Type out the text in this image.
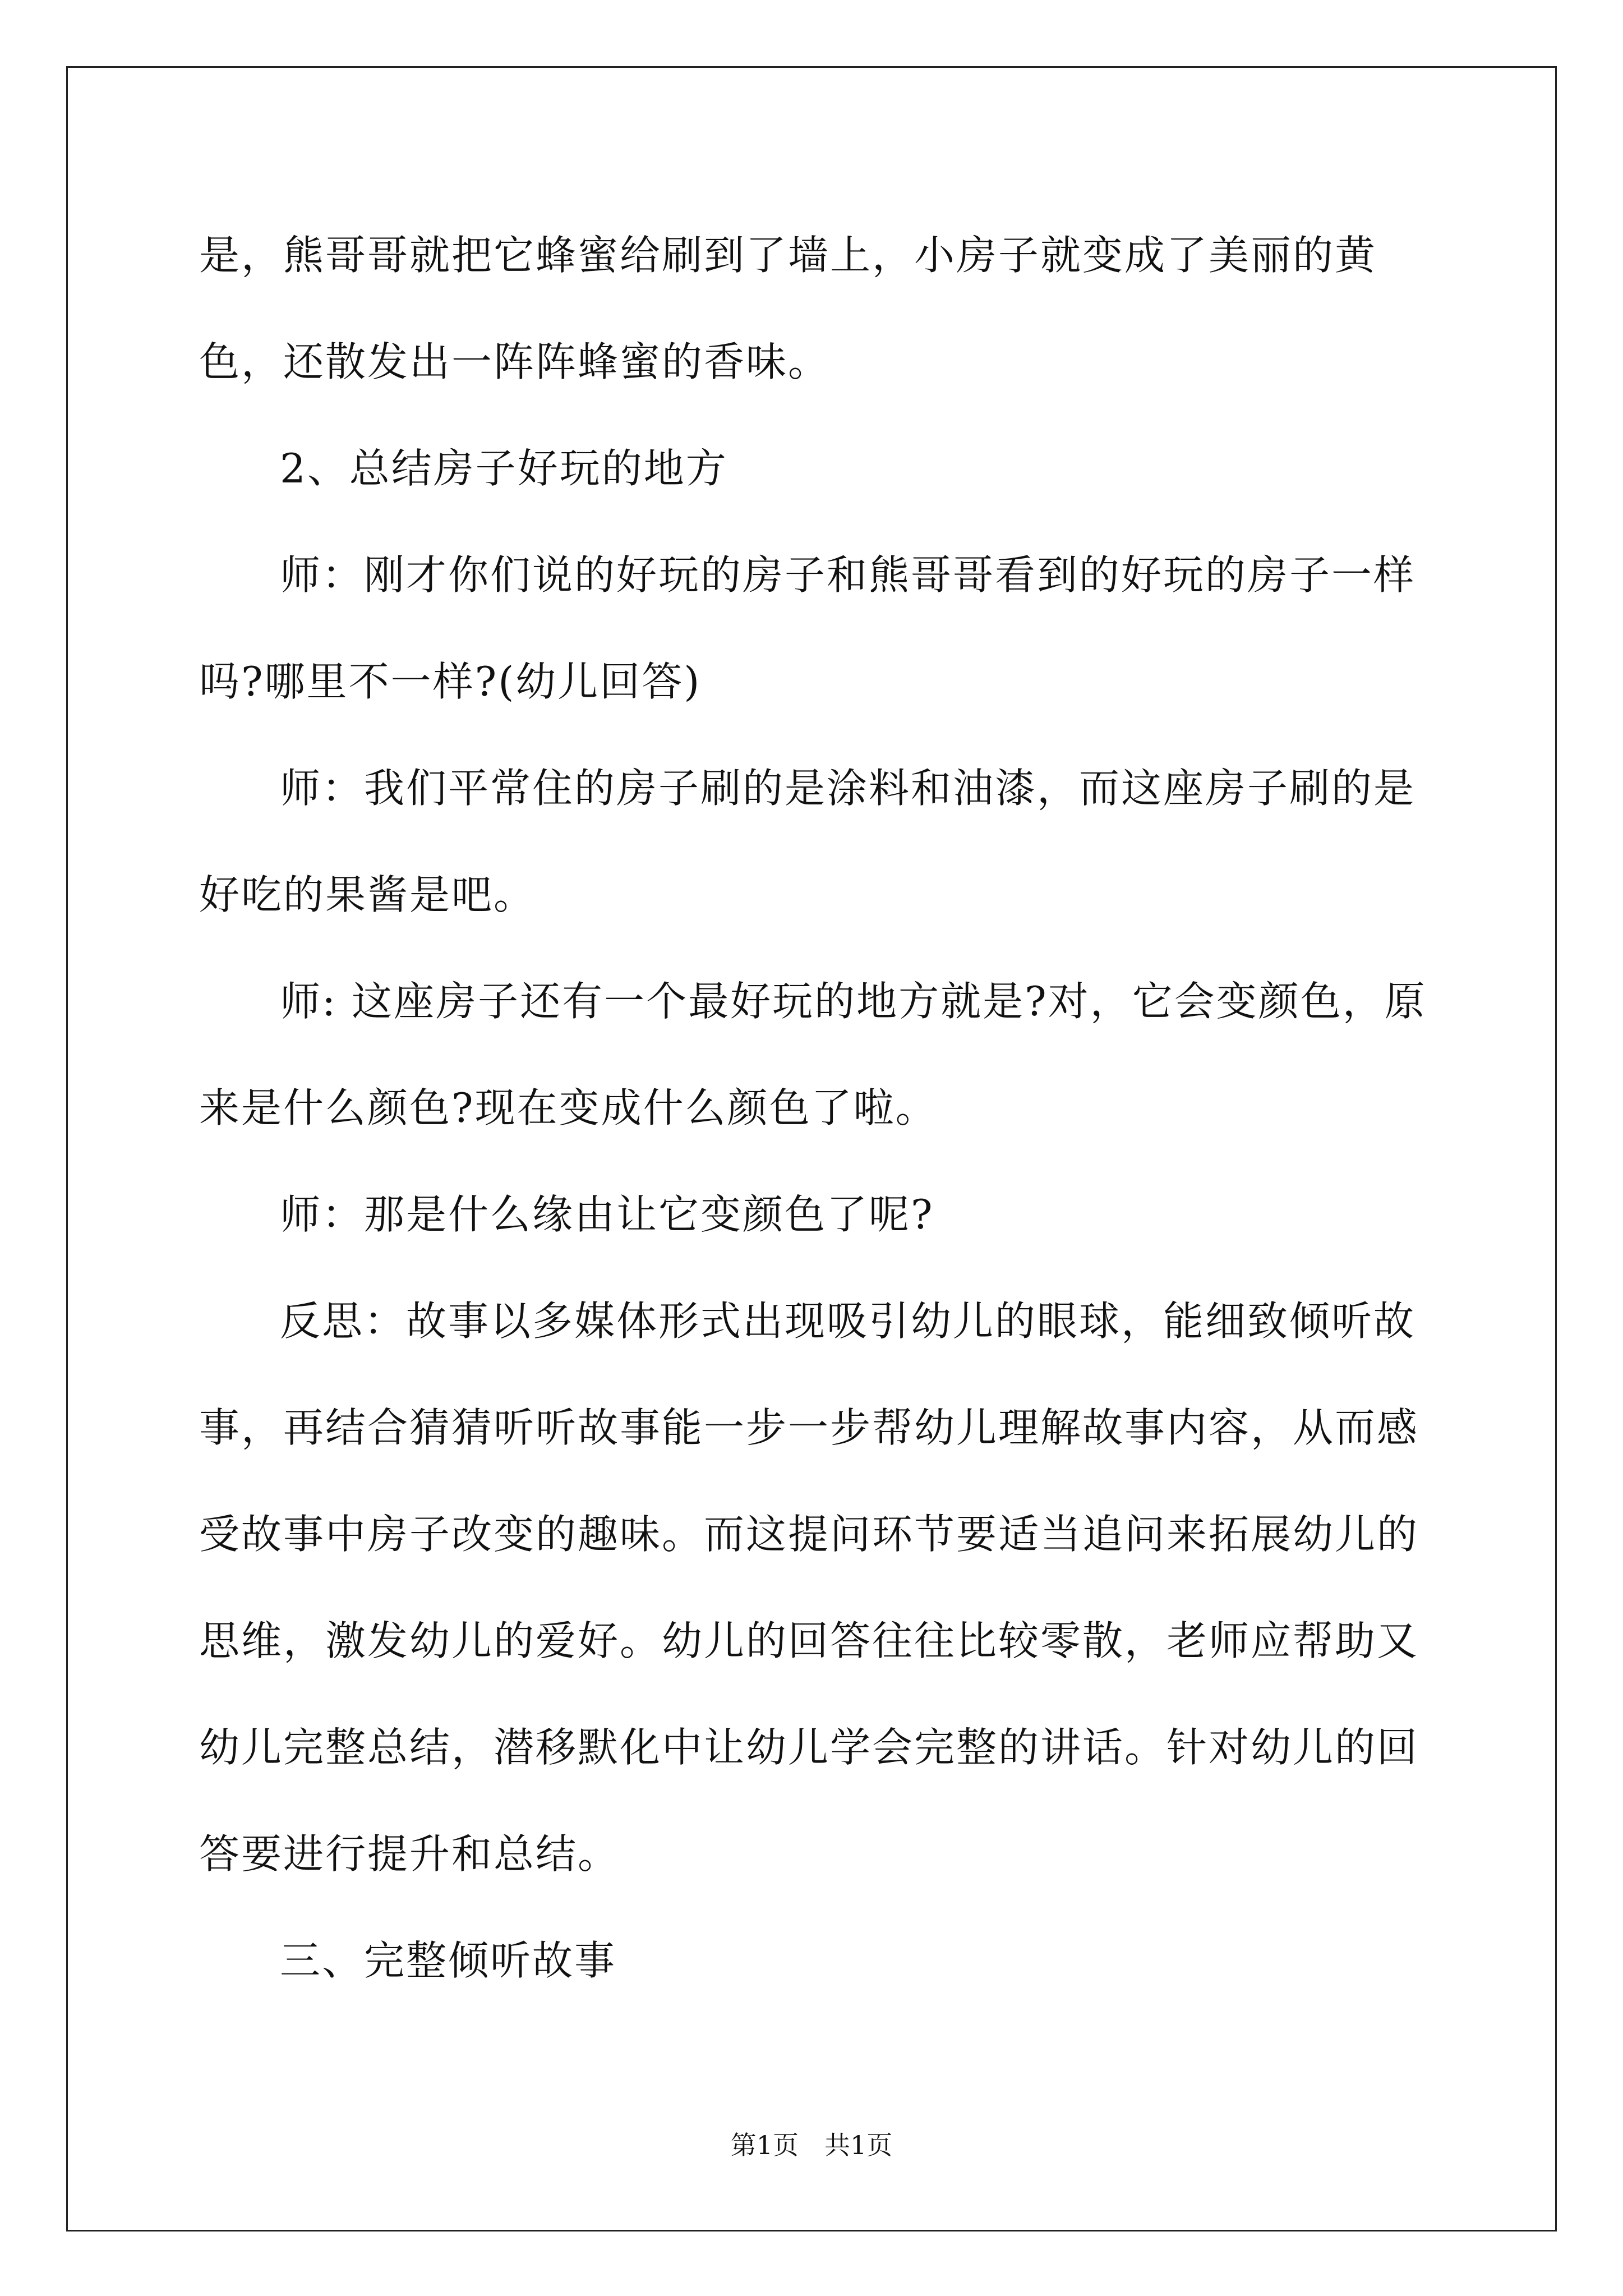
是，熊哥哥就把它蜂蜜给刷到了墙上，小房子就变成了美丽的黄色，还散发出一阵阵蜂蜜的香味。

2、总结房子好玩的地方

师：刚才你们说的好玩的房子和熊哥哥看到的好玩的房子一样吗?哪里不一样?(幼儿回答)

师：我们平常住的房子刷的是涂料和油漆，而这座房子刷的是好吃的果酱是吧。

师: 这座房子还有一个最好玩的地方就是?对，它会变颜色，原来是什么颜色?现在变成什么颜色了啦。

师：那是什么缘由让它变颜色了呢?

反思：故事以多媒体形式出现吸引幼儿的眼球，能细致倾听故事，再结合猜猜听听故事能一步一步帮幼儿理解故事内容，从而感受故事中房子改变的趣味。而这提问环节要适当追问来拓展幼儿的思维，激发幼儿的爱好。幼儿的回答往往比较零散，老师应帮助又幼儿完整总结，潜移默化中让幼儿学会完整的讲话。针对幼儿的回答要进行提升和总结。

三、完整倾听故事

第1页　共1页
